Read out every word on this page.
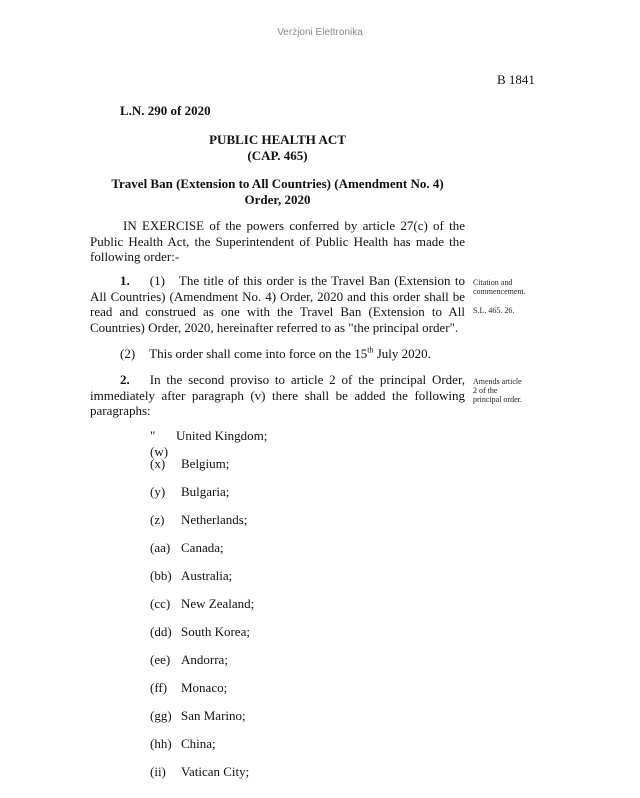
Verżjoni Elettronika
B 1841
L.N. 290 of 2020
PUBLIC HEALTH ACT
(CAP. 465)
Travel Ban (Extension to All Countries) (Amendment No. 4)
Order, 2020
IN EXERCISE of the powers conferred by article 27(c) of the Public Health Act, the Superintendent of Public Health has made the following order:-
1. (1) The title of this order is the Travel Ban (Extension to All Countries) (Amendment No. 4) Order, 2020 and this order shall be read and construed as one with the Travel Ban (Extension to All Countries) Order, 2020, hereinafter referred to as "the principal order".
(2) This order shall come into force on the 15th July 2020.
2. In the second proviso to article 2 of the principal Order, immediately after paragraph (v) there shall be added the following paragraphs:
Citation and
commencement.
S.L. 465. 26.
Amends article
2 of the
principal order.
"(w)
United Kingdom;
(x) Belgium;
(y) Bulgaria;
(z) Netherlands;
(aa) Canada;
(bb) Australia;
(cc) New Zealand;
(dd) South Korea;
(ee) Andorra;
(ff) Monaco;
(gg) San Marino;
(hh) China;
(ii) Vatican City;
